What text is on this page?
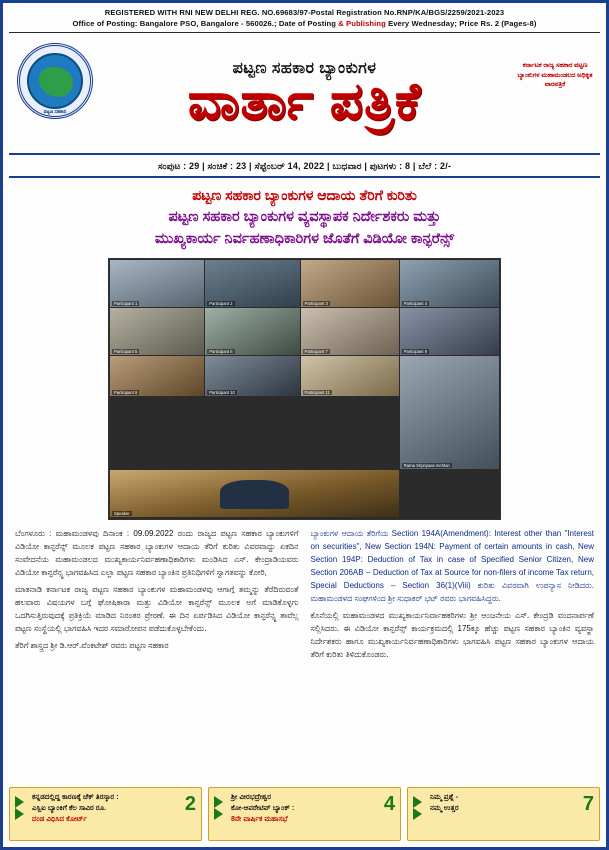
REGISTERED WITH RNI NEW DELHI REG. NO.69683/97-Postal Registration No.RNP/KA/BGS/2259/2021-2023
Office of Posting: Bangalore PSO, Bangalore - 560026.; Date of Posting & Publishing Every Wednesday; Price Rs. 2 (Pages-8)
ಪಟ್ಟಣ ಸಹಕಾರ
ಪಟ್ಟಣ ಸಹಕಾರ ಬ್ಯಾಂಕುಗಳ
ವಾರ್ತಾ ಪತ್ರಿಕೆ
ಕರ್ನಾಟಕ ರಾಜ್ಯ ಸಹಕಾರ ಪಟ್ಟಣ ಬ್ಯಾಂಕುಗಳ ಮಹಾಮಂಡಲದ ಅಧಿಕೃತ ವಾರಪತ್ರಿಕೆ
ಸಂಪುಟ : 29 | ಸಂಚಿಕೆ : 23 | ಸೆಪ್ಟೆಂಬರ್ 14, 2022 | ಬುಧವಾರ | ಪುಟಗಳು : 8 | ಬೆಲೆ : 2/-
ಪಟ್ಟಣ ಸಹಕಾರ ಬ್ಯಾಂಕುಗಳ ಆದಾಯ ತೆರಿಗೆ ಕುರಿತು
ಪಟ್ಟಣ ಸಹಕಾರ ಬ್ಯಾಂಕುಗಳ ವ್ಯವಸ್ಥಾಪಕ ನಿರ್ದೇಶಕರು ಮತ್ತು
ಮುಖ್ಯಕಾರ್ಯ ನಿರ್ವಹಣಾಧಿಕಾರಿಗಳ ಜೊತೆಗೆ ವಿಡಿಯೋ ಕಾನ್ಫರೆನ್ಸ್
Participant 1	Participant 2	Participant 3	Participant 4
Participant 5	Participant 6	Participant 7	Participant 8
Participant 9	Participant 10	Participant 11
Rama Sripriyaas mehtan
Speaker

ಬೆಂಗಳೂರು : ಮಹಾಮಂಡಳವು ದಿನಾಂಕ : 09.09.2022 ರಂದು ರಾಜ್ಯದ ಪಟ್ಟಣ ಸಹಕಾರ ಬ್ಯಾಂಕುಗಳಿಗೆ ವಿಡಿಯೋ ಕಾನ್ಫರೆನ್ಸ್ ಮೂಲಕ ಪಟ್ಟಣ ಸಹಕಾರ ಬ್ಯಾಂಕುಗಳ ಆದಾಯ ತೆರಿಗೆ ಕುರಿತು ವಿವರವಾದ್ದು ಏಕದಿನ ಸಂವೇದನೆಯ ಮಹಾಮಂಡಲದ ಮುಖ್ಯಕಾರ್ಯನಿರ್ವಹಣಾಧಿಕಾರಿಗಳು ಮಂಡಿಸಿದ ಎಸ್. ಕೇಂದ್ರಾಡಿಯವರು ವಿಡಿಯೋ ಕಾನ್ಫರೆನ್ಸ್ನ ಭಾಗವಹಿಸಿದ ಎಲ್ಲಾ ಪಟ್ಟಣ ಸಹಕಾರ ಬ್ಯಾಂಕಿನ ಪ್ರತಿನಿಧಿಗಳಿಗೆ ಸ್ವಾಗತವನ್ನು ಕೋರಿ,

ಮಾತನಾಡಿ ಕರ್ನಾಟಕ ರಾಜ್ಯ ಪಟ್ಟಣ ಸಹಕಾರ ಬ್ಯಾಂಕುಗಳ ಮಹಾಮಂಡಳವು ಆಗಾಗ್ಗೆ ತಮ್ಮನ್ನು ತೆರೆದಿರುವಂತೆ ಹಲವಾರು ವಿಷಯಗಳ ಬಗ್ಗೆ ಘೋಷಿಕಾರಾ ಮತ್ತು ವಿಡಿಯೋ ಕಾನ್ಫರೆನ್ಸ್ ಮೂಲಕ ಅಗೆ ಮಾಡಿಕೊಳ್ಳಗು ಒದಗಿಸುತ್ತಿರುವುದಕ್ಕೆ ಪ್ರತಿಕ್ರಿಯೆ ಮಾಡಿದ ನಿರಂತರ ಪ್ರೇರಣೆ. ಈ ದಿನ ಏರ್ಪಡಿಸಿದ ವಿಡಿಯೋ ಕಾನ್ಫರೆನ್ಸ್ನ ತಾವೆಲ್ಲ ಪಟ್ಟಣ ಸಂಸ್ಥೆಯಲ್ಲಿ ಭಾಗವಹಿಸಿ ಇದರ ಸಮಾರೋಪನ ಪಡೆದುಕೊಳ್ಳಬೇಕೆಂದು.

ತೆರಿಗೆ ಶಾಸ್ತ್ರದ ಶ್ರೀ ಡಿ.ಆರ್.ವೆಂಕಟೇಶ್ ರವರು ಪಟ್ಟಣ ಸಹಕಾರ

ಬ್ಯಾಂಕುಗಳ ಆದಾಯ ತೆರಿಗೆಯ Section 194A(Amendment): Interest other than "Interest on securities", New Section 194N: Payment of certain amounts in cash, New Section 194P: Deduction of Tax in case of Specified Senior Citizen, New Section 206AB – Deduction of Tax at Source for non-filers of income Tax return, Special Deductions – Section 36(1)(Viii) ಕುರಿತು ವಿವರವಾಗಿ ಉಪನ್ಯಾಸ ನೀಡಿದರು. ಮಹಾಮಂಡಳದ ಸಂಘಗಳಿಂದ ಶ್ರೀ ಸುಧಾಕರ್ ಭಟ್ ರವರು ಭಾಗವಹಿಸಿದ್ದರು.

ಕೊನೆಯಲ್ಲಿ ಮಹಾಮಂಡಳದ ಮುಖ್ಯಕಾರ್ಯನಿರ್ವಾಹಕರಿಗಳು ಶ್ರೀ ಆಂಜನೇಯ ಎಸ್. ಕೇಂದ್ರಡಿ ವಂದನಾರ್ಪಣೆ ಸಲ್ಲಿಸಿದರು. ಈ ವಿಡಿಯೋ ಕಾನ್ಫರೆನ್ಸ್ ಕಾರ್ಯಕ್ರಮದಲ್ಲಿ 175ಕ್ಕೂ ಹೆಚ್ಚು ಪಟ್ಟಣ ಸಹಕಾರ ಬ್ಯಾಂಕಿನ ವ್ಯವಸ್ಥಾ ನಿರ್ದೇಶಕರು ಹಾಗೂ ಮುಖ್ಯಕಾರ್ಯನಿರ್ವಹಣಾಧಿಕಾರಿಗಳು ಭಾಗವಹಿಸಿ ಪಟ್ಟಣ ಸಹಕಾರ ಬ್ಯಾಂಕುಗಳ ಆದಾಯ ತೆರಿಗೆ ಕುರಿತು ತಿಳಿದುಕೊಂಡರು.

ಕನ್ನಡದಲ್ಲಿದ್ದ ಕಾರಣಕ್ಕೆ ಚೆಕ್ ತಿರಸ್ಕಾರ :
ಎಸ್ಬಿಐ ಬ್ಯಾಂಕಿಗೆ ಕೆಲ ಸಾವಿರ ರೂ.
ದಂಡ ವಿಧಿಸಿದ ಕೋರ್ಟ್
2	ಶ್ರೀ ವೀರಭದ್ರೇಶ್ವರ
ಕೋ-ಆಪರೇಟಿವ್ ಬ್ಯಾಂಕ್ :
8ನೇ ವಾರ್ಷಿಕ ಮಹಾಸಭೆ
4	ನಿಮ್ಮ ಪ್ರಶ್ನೆ -
ನಮ್ಮ ಉತ್ತರ	7
